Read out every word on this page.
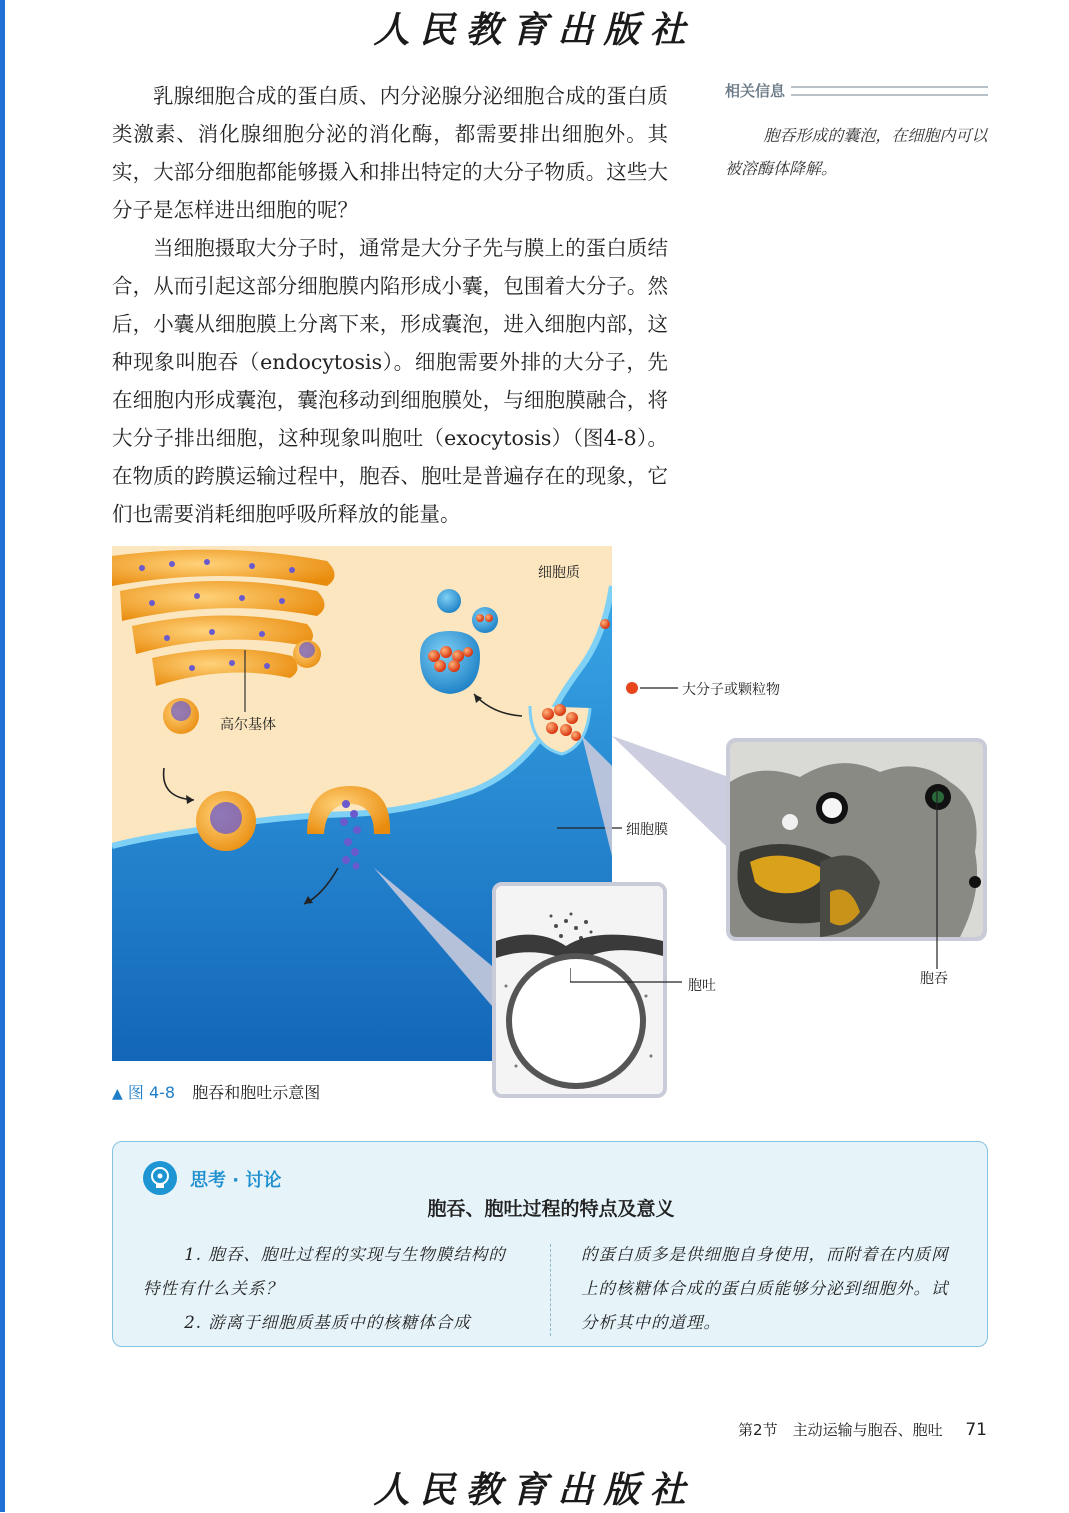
人民教育出版社

乳腺细胞合成的蛋白质、内分泌腺分泌细胞合成的蛋白质类激素、消化腺细胞分泌的消化酶，都需要排出细胞外。其实，大部分细胞都能够摄入和排出特定的大分子物质。这些大分子是怎样进出细胞的呢？

当细胞摄取大分子时，通常是大分子先与膜上的蛋白质结合，从而引起这部分细胞膜内陷形成小囊，包围着大分子。然后，小囊从细胞膜上分离下来，形成囊泡，进入细胞内部，这种现象叫胞吞（endocytosis）。细胞需要外排的大分子，先在细胞内形成囊泡，囊泡移动到细胞膜处，与细胞膜融合，将大分子排出细胞，这种现象叫胞吐（exocytosis）（图4-8）。在物质的跨膜运输过程中，胞吞、胞吐是普遍存在的现象，它们也需要消耗细胞呼吸所释放的能量。

相关信息
胞吞形成的囊泡，在细胞内可以被溶酶体降解。
细胞质
高尔基体
大分子或颗粒物
细胞膜
胞吞
胞吐
▲ 图 4-8 胞吞和胞吐示意图
思考 · 讨论
胞吞、胞吐过程的特点及意义

1. 胞吞、胞吐过程的实现与生物膜结构的特性有什么关系？

2. 游离于细胞质基质中的核糖体合成

的蛋白质多是供细胞自身使用，而附着在内质网上的核糖体合成的蛋白质能够分泌到细胞外。试分析其中的道理。

第2节　主动运输与胞吞、胞吐 71
人民教育出版社
